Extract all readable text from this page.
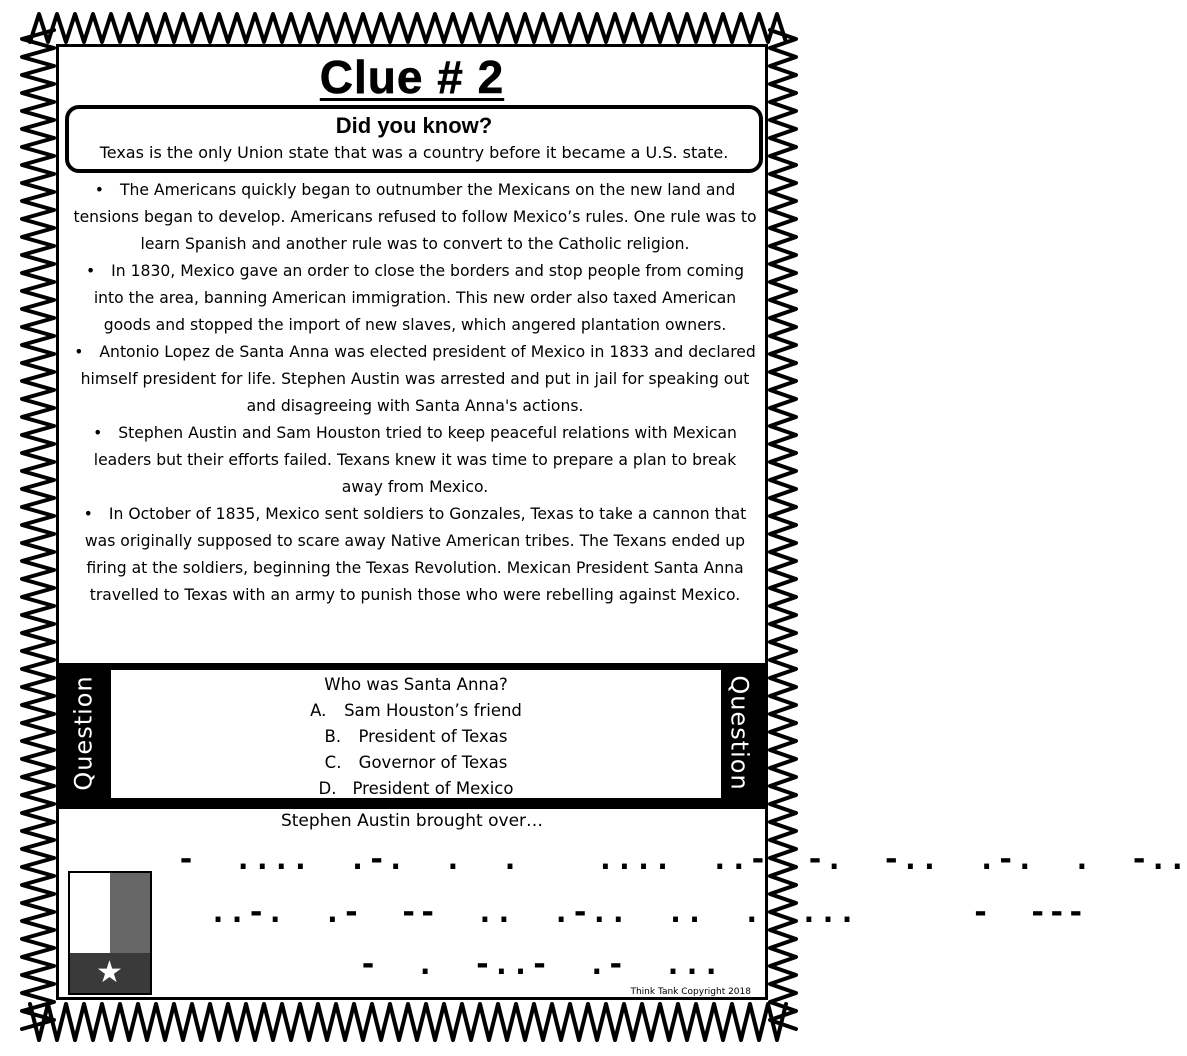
Clue # 2
Did you know?
Texas is the only Union state that was a country before it became a U.S. state.
• The Americans quickly began to outnumber the Mexicans on the new land and tensions began to develop. Americans refused to follow Mexico’s rules. One rule was to learn Spanish and another rule was to convert to the Catholic religion.
• In 1830, Mexico gave an order to close the borders and stop people from coming into the area, banning American immigration. This new order also taxed American goods and stopped the import of new slaves, which angered plantation owners.
• Antonio Lopez de Santa Anna was elected president of Mexico in 1833 and declared himself president for life. Stephen Austin was arrested and put in jail for speaking out and disagreeing with Santa Anna's actions.
• Stephen Austin and Sam Houston tried to keep peaceful relations with Mexican leaders but their efforts failed. Texans knew it was time to prepare a plan to break away from Mexico.
• In October of 1835, Mexico sent soldiers to Gonzales, Texas to take a cannon that was originally supposed to scare away Native American tribes. The Texans ended up firing at the soldiers, beginning the Texas Revolution. Mexican President Santa Anna travelled to Texas with an army to punish those who were rebelling against Mexico.
Question	Who was Santa Anna?
A. Sam Houston’s friend
B. President of Texas
C. Governor of Texas
D. President of Mexico	Question
Stephen Austin brought over…
-  ....  .-.  .  .    ....  ..-  -.  -..  .-.  .  -..
..-.  .-  --  ..  .-..  ..  .  ...      -  ---
-  .  -..-  .-  ...
★
Think Tank Copyright 2018
